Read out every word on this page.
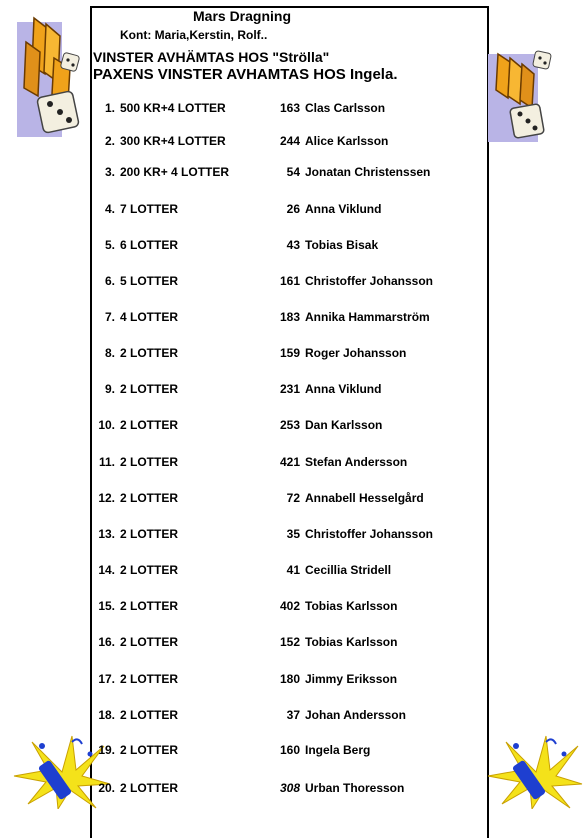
Mars Dragning
Kont: Maria,Kerstin, Rolf..
VINSTER AVHÄMTAS HOS "Strölla"
PAXENS VINSTER AVHAMTAS HOS Ingela.
1. 500 KR+4 LOTTER	163 Clas Carlsson
2. 300 KR+4 LOTTER	244 Alice Karlsson
3. 200 KR+ 4 LOTTER	54 Jonatan Christenssen
4. 7 LOTTER	26 Anna Viklund
5. 6 LOTTER	43 Tobias Bisak
6. 5 LOTTER	161 Christoffer Johansson
7. 4 LOTTER	183 Annika Hammarström
8. 2 LOTTER	159 Roger Johansson
9. 2 LOTTER	231 Anna Viklund
10. 2 LOTTER	253 Dan Karlsson
11. 2 LOTTER	421 Stefan Andersson
12. 2 LOTTER	72 Annabell Hesselgård
13. 2 LOTTER	35 Christoffer Johansson
14. 2 LOTTER	41 Cecillia Stridell
15. 2 LOTTER	402 Tobias Karlsson
16. 2 LOTTER	152 Tobias Karlsson
17. 2 LOTTER	180 Jimmy Eriksson
18. 2 LOTTER	37 Johan Andersson
19. 2 LOTTER	160 Ingela Berg
20. 2 LOTTER	308 Urban Thoresson
